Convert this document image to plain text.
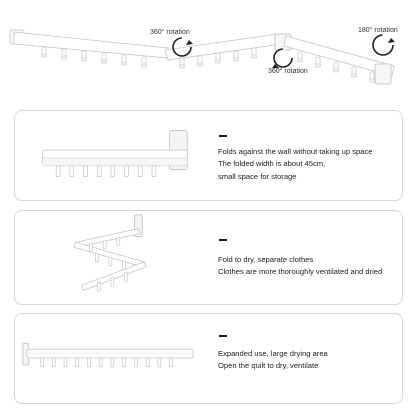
360° rotation	180° rotation
360° rotation
Folds against the wall without taking up space
The folded width is about 45cm,
small space for storage
Fold to dry, separate clothes
Clothes are more thoroughly ventilated and dried
Expanded use, large drying area
Open the quilt to dry, ventilate
